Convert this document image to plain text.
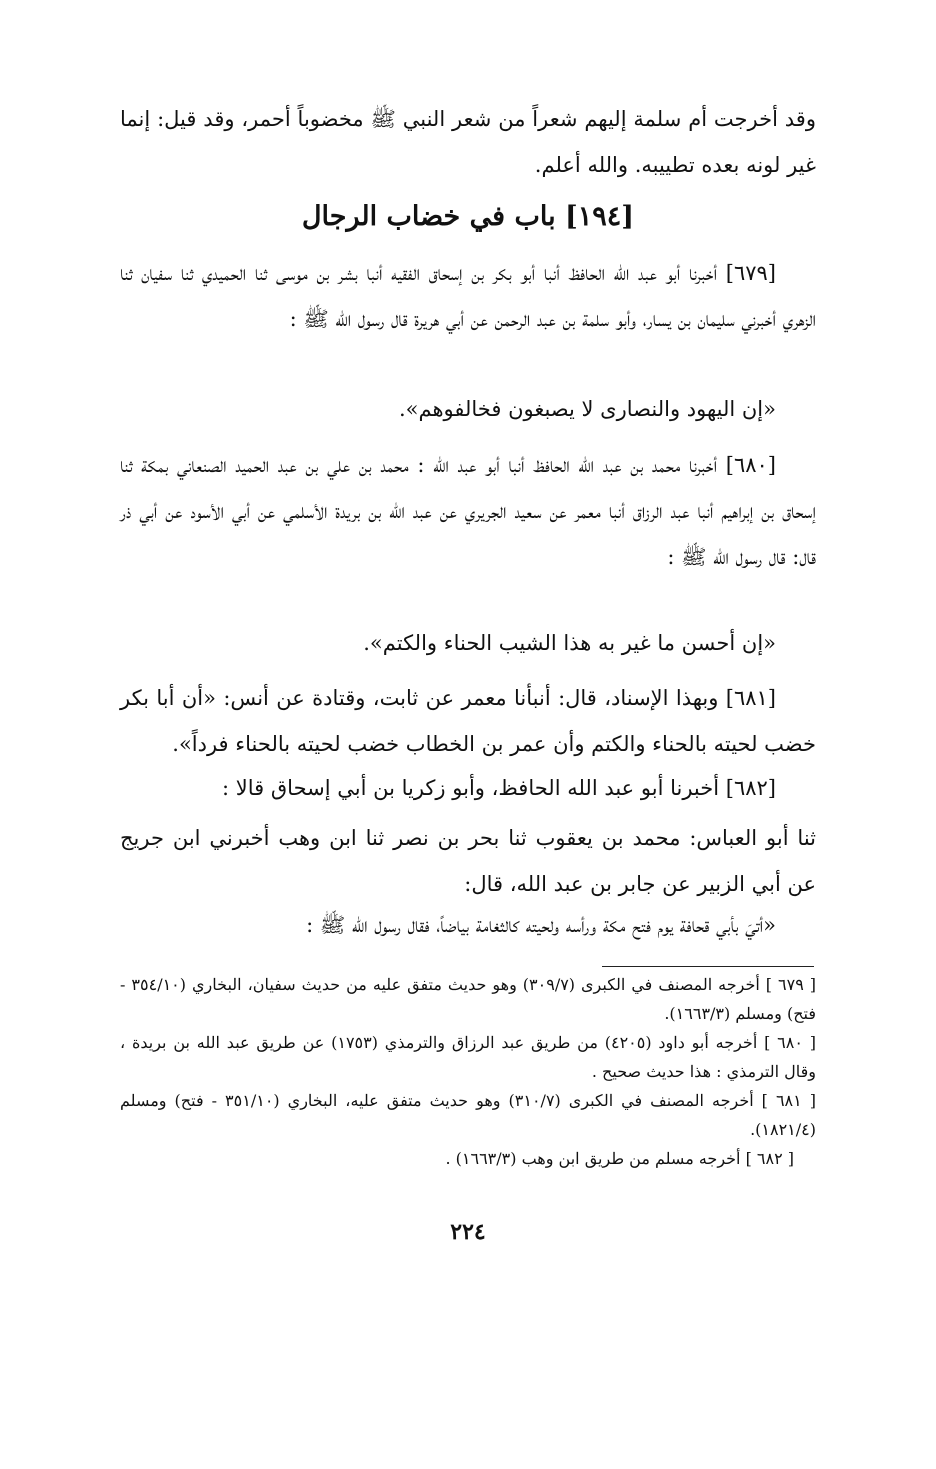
وقد أخرجت أم سلمة إليهم شعراً من شعر النبي ﷺ مخضوباً أحمر، وقد قيل: إنما غير لونه بعده تطييبه. والله أعلم.

[١٩٤] باب في خضاب الرجال

[٦٧٩] أخبرنا أبو عبد الله الحافظ أنبا أبو بكر بن إسحاق الفقيه أنبا بشر بن موسى ثنا الحميدي ثنا سفيان ثنا الزهري أخبرني سليمان بن يسار، وأبو سلمة بن عبد الرحمن عن أبي هريرة قال رسول الله ﷺ :

«إن اليهود والنصارى لا يصبغون فخالفوهم».

[٦٨٠] أخبرنا محمد بن عبد الله الحافظ أنبا أبو عبد الله : محمد بن علي بن عبد الحميد الصنعاني بمكة ثنا إسحاق بن إبراهيم أنبا عبد الرزاق أنبا معمر عن سعيد الجريري عن عبد الله بن بريدة الأسلمي عن أبي الأسود عن أبي ذر قال: قال رسول الله ﷺ :

«إن أحسن ما غير به هذا الشيب الحناء والكتم».

[٦٨١] وبهذا الإسناد، قال: أنبأنا معمر عن ثابت، وقتادة عن أنس: «أن أبا بكر خضب لحيته بالحناء والكتم وأن عمر بن الخطاب خضب لحيته بالحناء فرداً».

[٦٨٢] أخبرنا أبو عبد الله الحافظ، وأبو زكريا بن أبي إسحاق قالا :

ثنا أبو العباس: محمد بن يعقوب ثنا بحر بن نصر ثنا ابن وهب أخبرني ابن جريج عن أبي الزبير عن جابر بن عبد الله، قال:

«أتيَ بأبي قحافة يوم فتح مكة ورأسه ولحيته كالثغامة بياضاً، فقال رسول الله ﷺ :

[ ٦٧٩ ] أخرجه المصنف في الكبرى (٣٠٩/٧) وهو حديث متفق عليه من حديث سفيان، البخاري (٣٥٤/١٠ - فتح) ومسلم (١٦٦٣/٣).

[ ٦٨٠ ] أخرجه أبو داود (٤٢٠٥) من طريق عبد الرزاق والترمذي (١٧٥٣) عن طريق عبد الله بن بريدة ، وقال الترمذي : هذا حديث صحيح .

[ ٦٨١ ] أخرجه المصنف في الكبرى (٣١٠/٧) وهو حديث متفق عليه، البخاري (٣٥١/١٠ - فتح) ومسلم (١٨٢١/٤).

[ ٦٨٢ ] أخرجه مسلم من طريق ابن وهب (١٦٦٣/٣) .

٢٢٤
